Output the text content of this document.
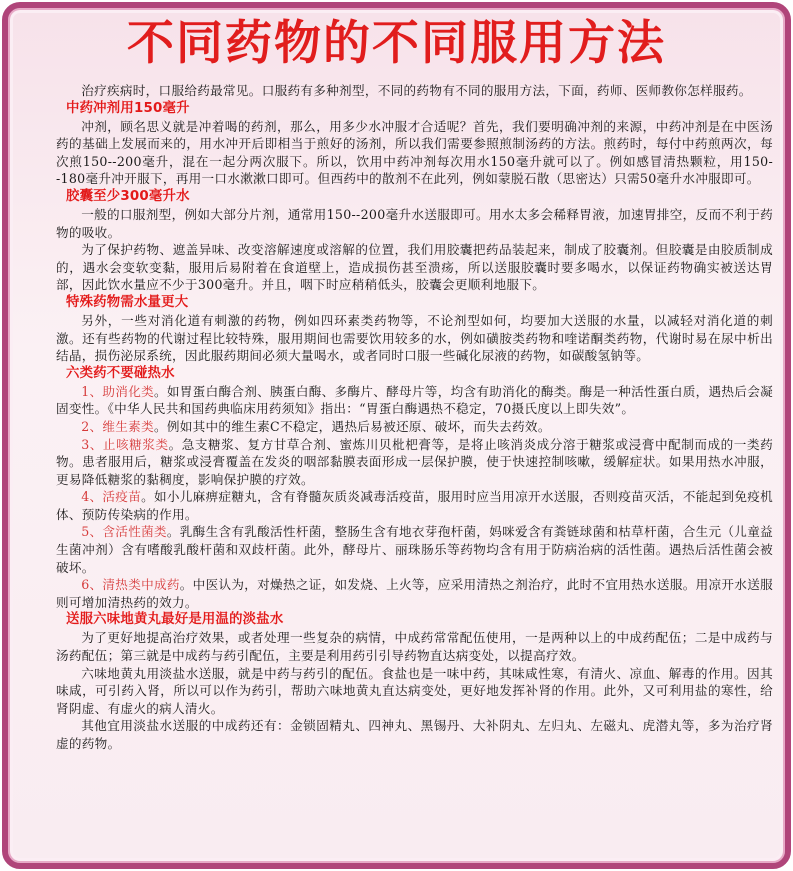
不同药物的不同服用方法

治疗疾病时，口服给药最常见。口服药有多种剂型，不同的药物有不同的服用方法，下面，药师、医师教你怎样服药。

中药冲剂用150毫升

冲剂，顾名思义就是冲着喝的药剂，那么，用多少水冲服才合适呢？首先，我们要明确冲剂的来源，中药冲剂是在中医汤药的基础上发展而来的，用水冲开后即相当于煎好的汤剂，所以我们需要参照煎制汤药的方法。煎药时，每付中药煎两次，每次煎150--200毫升，混在一起分两次服下。所以，饮用中药冲剂每次用水150毫升就可以了。例如感冒清热颗粒，用150--180毫升冲开服下，再用一口水漱漱口即可。但西药中的散剂不在此列，例如蒙脱石散（思密达）只需50毫升水冲服即可。

胶囊至少300毫升水

一般的口服剂型，例如大部分片剂，通常用150--200毫升水送服即可。用水太多会稀释胃液，加速胃排空，反而不利于药物的吸收。

为了保护药物、遮盖异味、改变溶解速度或溶解的位置，我们用胶囊把药品装起来，制成了胶囊剂。但胶囊是由胶质制成的，遇水会变软变黏，服用后易附着在食道壁上，造成损伤甚至溃疡，所以送服胶囊时要多喝水，以保证药物确实被送达胃部，因此饮水量应不少于300毫升。并且，咽下时应稍稍低头，胶囊会更顺利地服下。

特殊药物需水量更大

另外，一些对消化道有刺激的药物，例如四环素类药物等，不论剂型如何，均要加大送服的水量，以减轻对消化道的刺激。还有些药物的代谢过程比较特殊，服用期间也需要饮用较多的水，例如磺胺类药物和喹诺酮类药物，代谢时易在尿中析出结晶，损伤泌尿系统，因此服药期间必须大量喝水，或者同时口服一些碱化尿液的药物，如碳酸氢钠等。

六类药不要碰热水

1、助消化类。如胃蛋白酶合剂、胰蛋白酶、多酶片、酵母片等，均含有助消化的酶类。酶是一种活性蛋白质，遇热后会凝固变性。《中华人民共和国药典临床用药须知》指出：“胃蛋白酶遇热不稳定，70摄氏度以上即失效”。

2、维生素类。例如其中的维生素C不稳定，遇热后易被还原、破坏，而失去药效。

3、止咳糖浆类。急支糖浆、复方甘草合剂、蜜炼川贝枇杷膏等，是将止咳消炎成分溶于糖浆或浸膏中配制而成的一类药物。患者服用后，糖浆或浸膏覆盖在发炎的咽部黏膜表面形成一层保护膜，使于快速控制咳嗽，缓解症状。如果用热水冲服，更易降低糖浆的黏稠度，影响保护膜的疗效。

4、活疫苗。如小儿麻痹症糖丸，含有脊髓灰质炎减毒活疫苗，服用时应当用凉开水送服，否则疫苗灭活，不能起到免疫机体、预防传染病的作用。

5、含活性菌类。乳酶生含有乳酸活性杆菌，整肠生含有地衣芽孢杆菌，妈咪爱含有粪链球菌和枯草杆菌，合生元（儿童益生菌冲剂）含有嗜酸乳酸杆菌和双歧杆菌。此外，酵母片、丽珠肠乐等药物均含有用于防病治病的活性菌。遇热后活性菌会被破坏。

6、清热类中成药。中医认为，对燥热之证，如发烧、上火等，应采用清热之剂治疗，此时不宜用热水送服。用凉开水送服则可增加清热药的效力。

送服六味地黄丸最好是用温的淡盐水

为了更好地提高治疗效果，或者处理一些复杂的病情，中成药常常配伍使用，一是两种以上的中成药配伍；二是中成药与汤药配伍；第三就是中成药与药引配伍，主要是利用药引引导药物直达病变处，以提高疗效。

六味地黄丸用淡盐水送服，就是中药与药引的配伍。食盐也是一味中药，其味咸性寒，有清火、凉血、解毒的作用。因其味咸，可引药入肾，所以可以作为药引，帮助六味地黄丸直达病变处，更好地发挥补肾的作用。此外，又可利用盐的寒性，给肾阴虚、有虚火的病人清火。

其他宜用淡盐水送服的中成药还有：金锁固精丸、四神丸、黑锡丹、大补阴丸、左归丸、左磁丸、虎潜丸等，多为治疗肾虚的药物。
